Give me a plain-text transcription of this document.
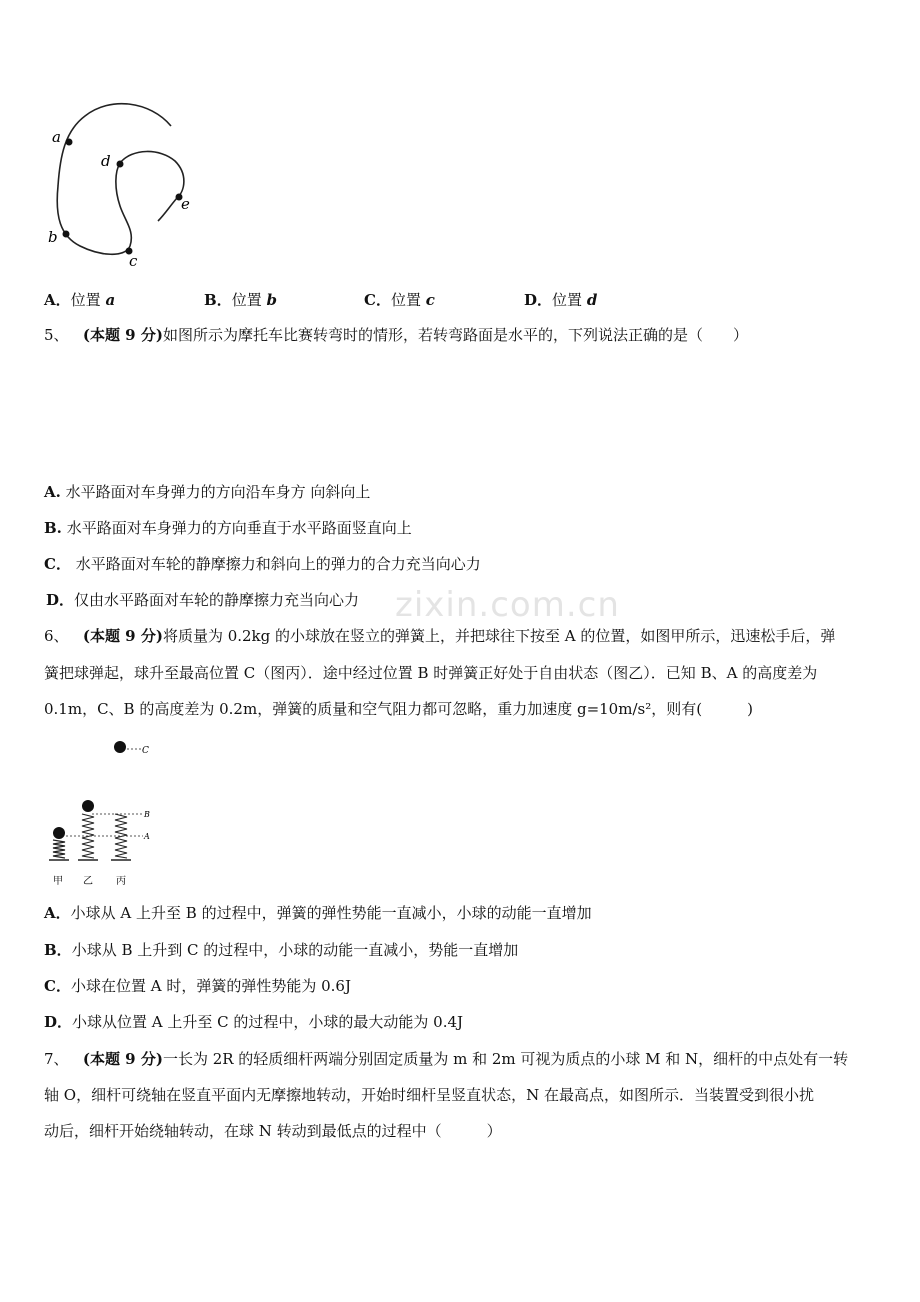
zixin.com.cn
a
b
c
d
e
A．位置 a	B．位置 b	C．位置 c	D．位置 d
5、 (本题 9 分)如图所示为摩托车比赛转弯时的情形，若转弯路面是水平的，下列说法正确的是（　　）
A. 水平路面对车身弹力的方向沿车身方 向斜向上
B. 水平路面对车身弹力的方向垂直于水平路面竖直向上
C． 水平路面对车轮的静摩擦力和斜向上的弹力的合力充当向心力
D．仅由水平路面对车轮的静摩擦力充当向心力
6、 (本题 9 分)将质量为 0.2kg 的小球放在竖立的弹簧上，并把球往下按至 A 的位置，如图甲所示，迅速松手后，弹
簧把球弹起，球升至最高位置 C（图丙）．途中经过位置 B 时弹簧正好处于自由状态（图乙）．已知 B、A 的高度差为
0.1m，C、B 的高度差为 0.2m，弹簧的质量和空气阻力都可忽略，重力加速度 g=10m/s²，则有(　　　)
C
B
A
甲 乙 丙
A．小球从 A 上升至 B 的过程中，弹簧的弹性势能一直减小，小球的动能一直增加
B．小球从 B 上升到 C 的过程中，小球的动能一直减小，势能一直增加
C．小球在位置 A 时，弹簧的弹性势能为 0.6J
D．小球从位置 A 上升至 C 的过程中，小球的最大动能为 0.4J
7、 (本题 9 分)一长为 2R 的轻质细杆两端分别固定质量为 m 和 2m 可视为质点的小球 M 和 N，细杆的中点处有一转
轴 O，细杆可绕轴在竖直平面内无摩擦地转动，开始时细杆呈竖直状态，N 在最高点，如图所示．当装置受到很小扰
动后，细杆开始绕轴转动，在球 N 转动到最低点的过程中（　　　）
